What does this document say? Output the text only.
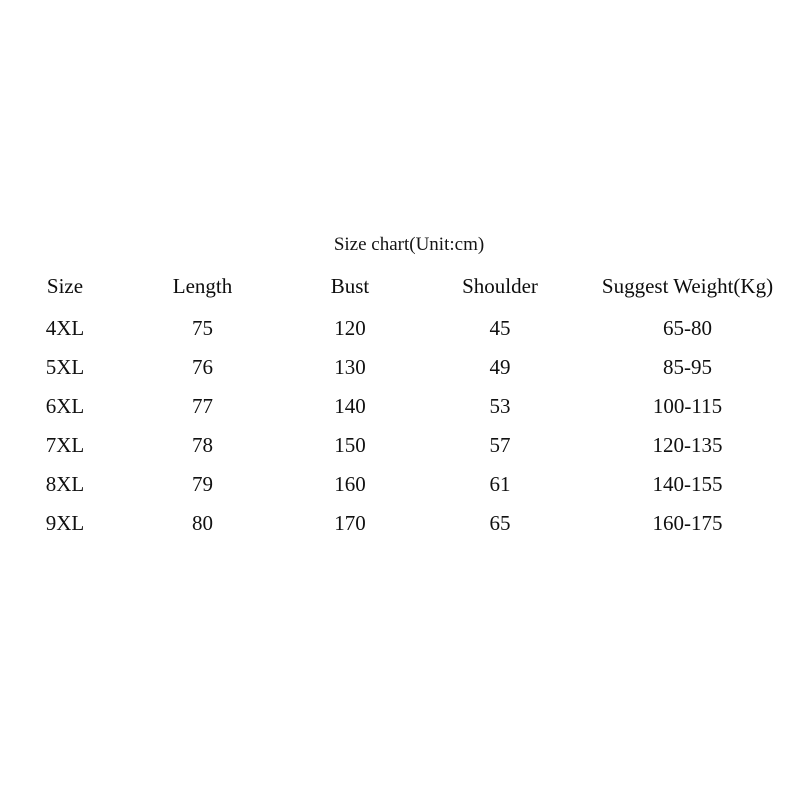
Size chart(Unit:cm)
Size	Length	Bust	Shoulder	Suggest Weight(Kg)
4XL	75	120	45	65-80
5XL	76	130	49	85-95
6XL	77	140	53	100-115
7XL	78	150	57	120-135
8XL	79	160	61	140-155
9XL	80	170	65	160-175
